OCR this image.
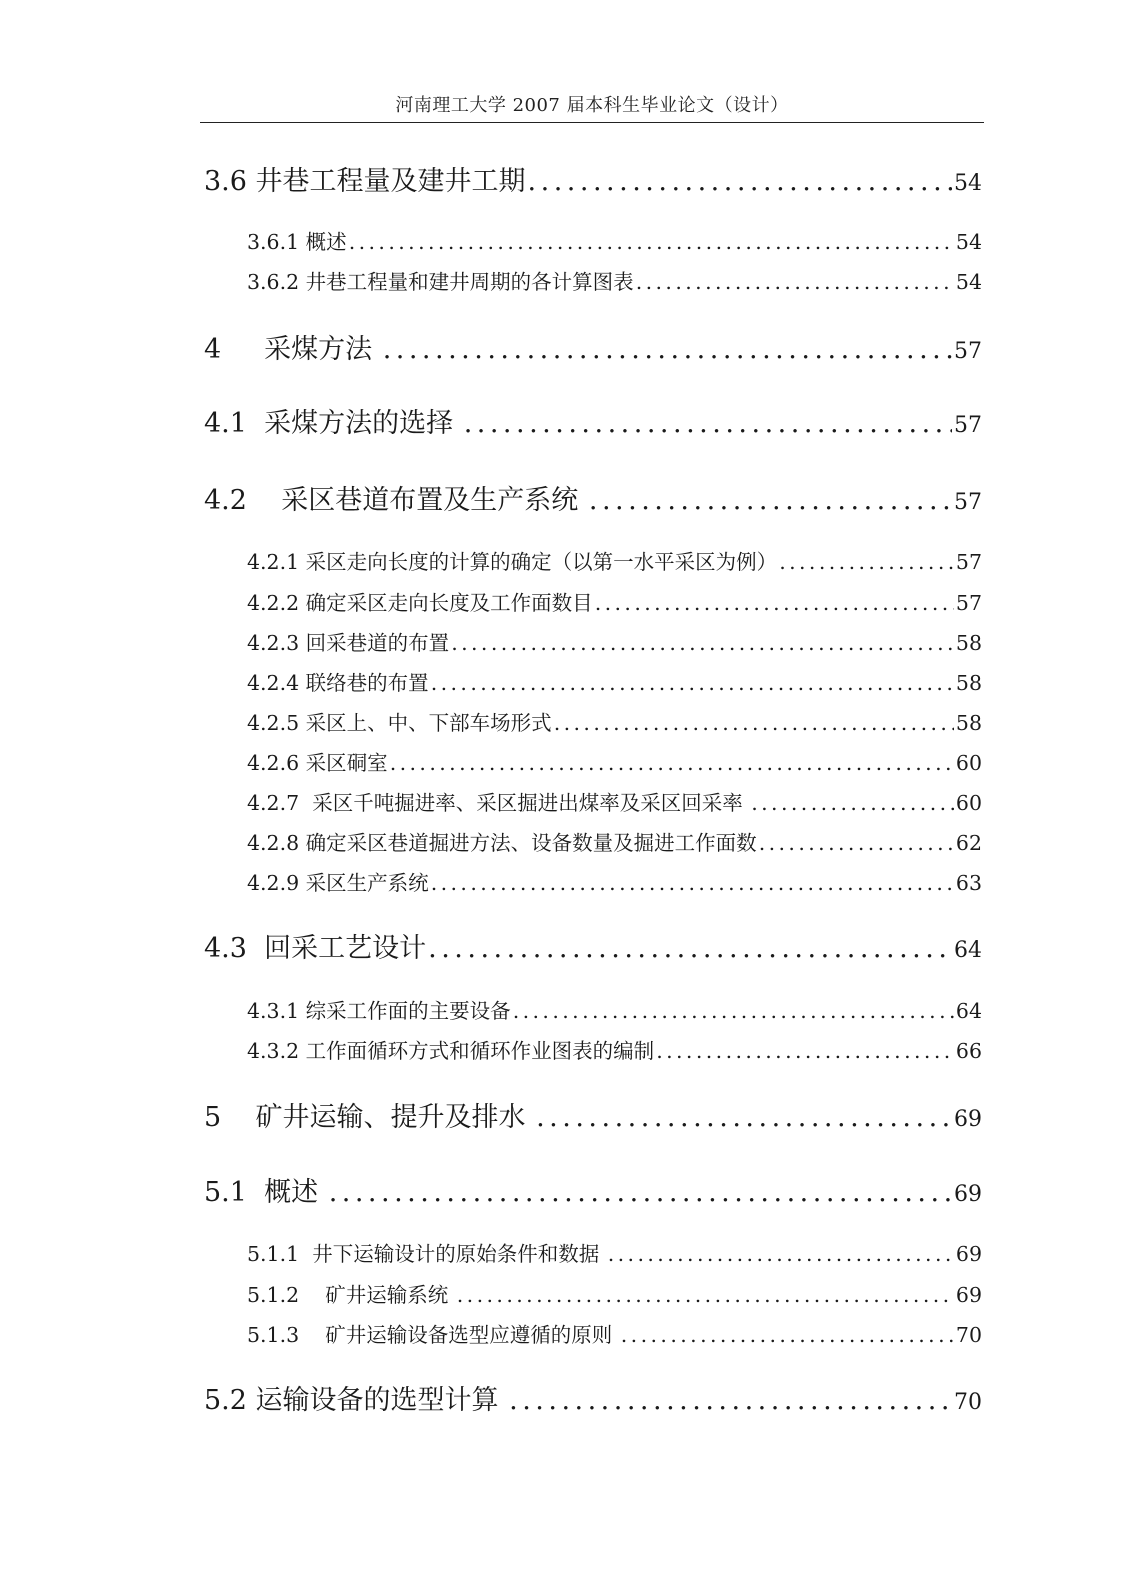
河南理工大学 2007 届本科生毕业论文（设计）
3.6 井巷工程量及建井工期 .....	54
3.6.1 概述 .....	54
3.6.2 井巷工程量和建井周期的各计算图表 .....	54
4     采煤方法 .....	57
4.1  采煤方法的选择 .....	57
4.2    采区巷道布置及生产系统 .....	57
4.2.1 采区走向长度的计算的确定（以第一水平采区为例） .....	57
4.2.2 确定采区走向长度及工作面数目 .....	57
4.2.3 回采巷道的布置 .....	58
4.2.4 联络巷的布置 .....	58
4.2.5 采区上、中、下部车场形式 .....	58
4.2.6 采区硐室 .....	60
4.2.7  采区千吨掘进率、采区掘进出煤率及采区回采率 .....	60
4.2.8 确定采区巷道掘进方法、设备数量及掘进工作面数 .....	62
4.2.9 采区生产系统 .....	63
4.3  回采工艺设计 .....	64
4.3.1 综采工作面的主要设备 .....	64
4.3.2 工作面循环方式和循环作业图表的编制 .....	66
5    矿井运输、提升及排水 .....	69
5.1  概述 .....	69
5.1.1  井下运输设计的原始条件和数据 .....	69
5.1.2    矿井运输系统 .....	69
5.1.3    矿井运输设备选型应遵循的原则 .....	70
5.2 运输设备的选型计算 .....	70
